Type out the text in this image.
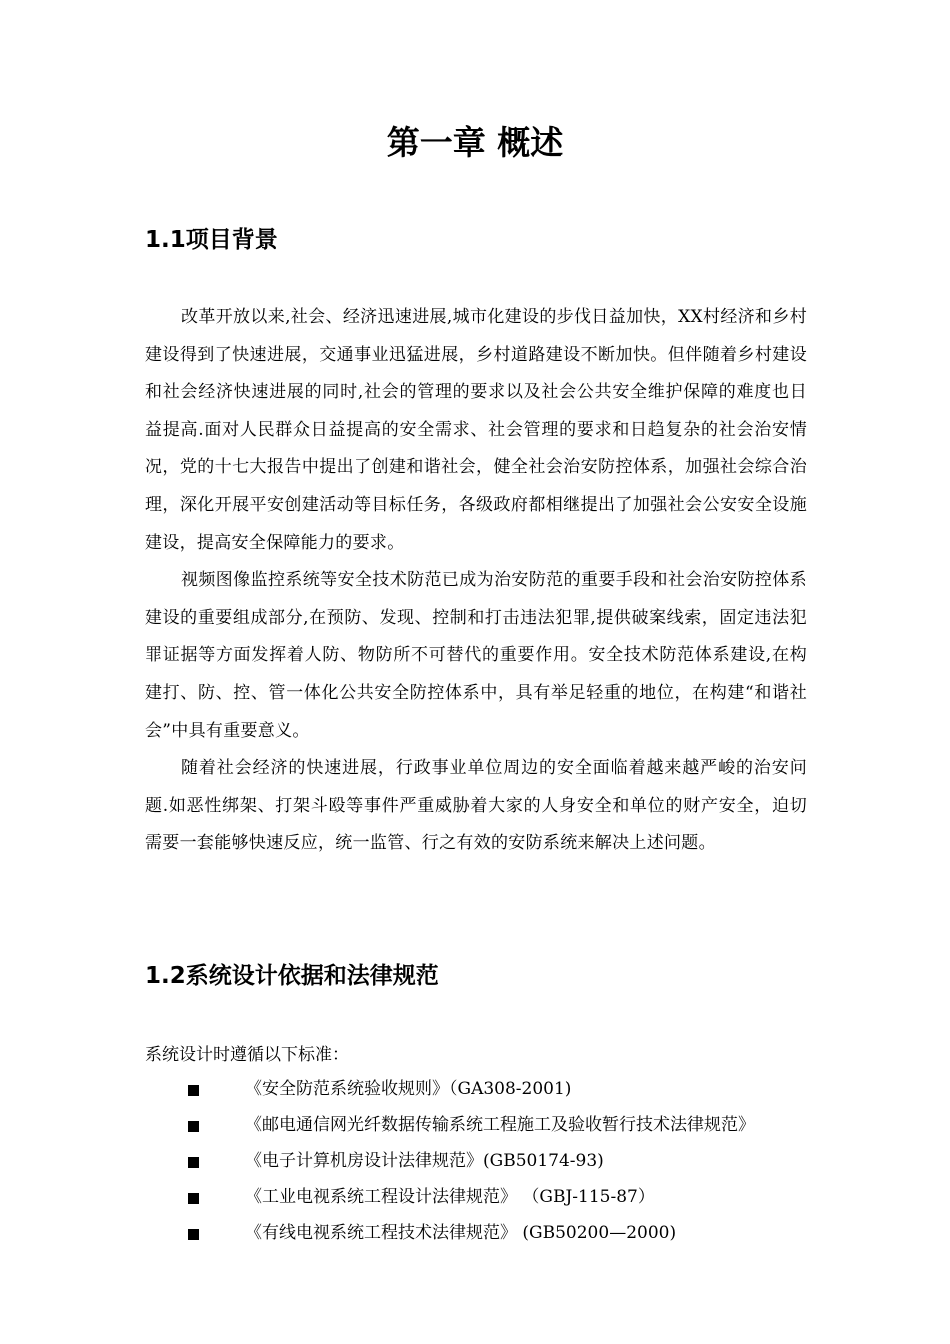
第一章 概述
1.1项目背景

改革开放以来,社会、经济迅速进展,城市化建设的步伐日益加快，XX村经济和乡村建设得到了快速进展，交通事业迅猛进展，乡村道路建设不断加快。但伴随着乡村建设和社会经济快速进展的同时,社会的管理的要求以及社会公共安全维护保障的难度也日益提高.面对人民群众日益提高的安全需求、社会管理的要求和日趋复杂的社会治安情况，党的十七大报告中提出了创建和谐社会，健全社会治安防控体系，加强社会综合治理，深化开展平安创建活动等目标任务，各级政府都相继提出了加强社会公安安全设施建设，提高安全保障能力的要求。

视频图像监控系统等安全技术防范已成为治安防范的重要手段和社会治安防控体系建设的重要组成部分,在预防、发现、控制和打击违法犯罪,提供破案线索，固定违法犯罪证据等方面发挥着人防、物防所不可替代的重要作用。安全技术防范体系建设,在构建打、防、控、管一体化公共安全防控体系中，具有举足轻重的地位，在构建“和谐社会”中具有重要意义。

随着社会经济的快速进展，行政事业单位周边的安全面临着越来越严峻的治安问题.如恶性绑架、打架斗殴等事件严重威胁着大家的人身安全和单位的财产安全，迫切需要一套能够快速反应，统一监管、行之有效的安防系统来解决上述问题。

1.2系统设计依据和法律规范

系统设计时遵循以下标准：

《安全防范系统验收规则》（GA308-2001)
《邮电通信网光纤数据传输系统工程施工及验收暂行技术法律规范》
《电子计算机房设计法律规范》(GB50174-93)
《工业电视系统工程设计法律规范》 （GBJ-115-87）
《有线电视系统工程技术法律规范》 (GB50200—2000)
